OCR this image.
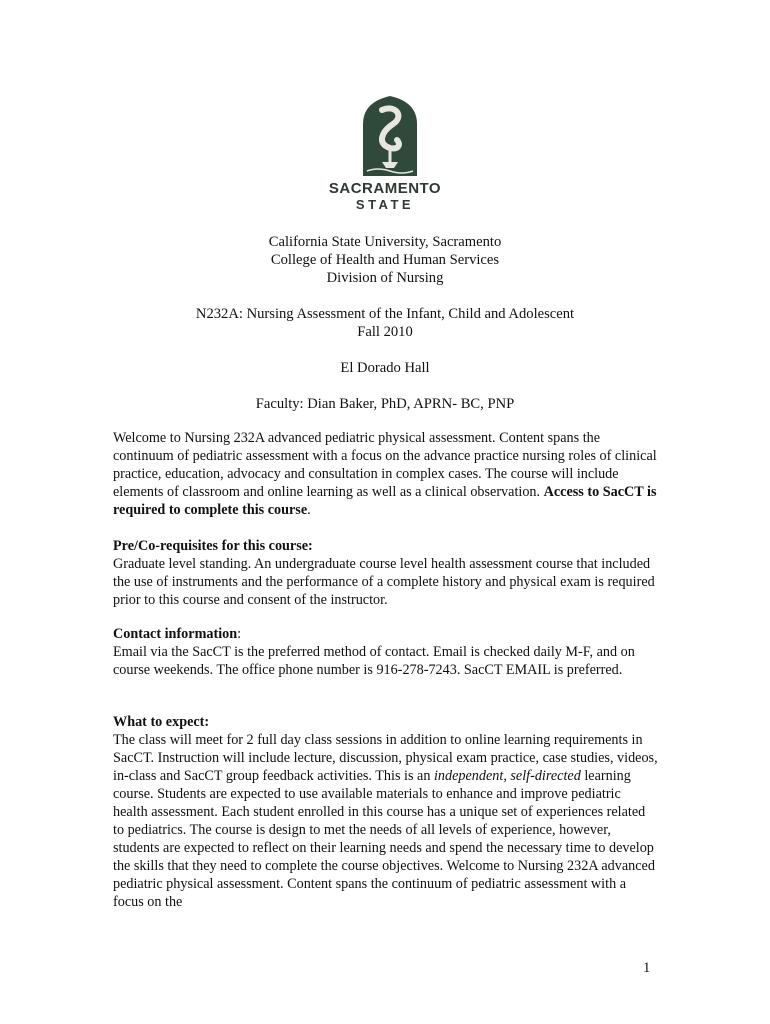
SACRAMENTO
STATE
California State University, Sacramento
College of Health and Human Services
Division of Nursing
N232A: Nursing Assessment of the Infant, Child and Adolescent
Fall 2010
El Dorado Hall
Faculty: Dian Baker, PhD, APRN- BC, PNP

Welcome to Nursing 232A advanced pediatric physical assessment. Content spans the continuum of pediatric assessment with a focus on the advance practice nursing roles of clinical practice, education, advocacy and consultation in complex cases. The course will include elements of classroom and online learning as well as a clinical observation. Access to SacCT is required to complete this course.

Pre/Co-requisites for this course:

Graduate level standing. An undergraduate course level health assessment course that included the use of instruments and the performance of a complete history and physical exam is required prior to this course and consent of the instructor.

Contact information:

Email via the SacCT is the preferred method of contact. Email is checked daily M-F, and on course weekends. The office phone number is 916-278-7243. SacCT EMAIL is preferred.

What to expect:

The class will meet for 2 full day class sessions in addition to online learning requirements in SacCT. Instruction will include lecture, discussion, physical exam practice, case studies, videos, in-class and SacCT group feedback activities. This is an independent, self-directed learning course. Students are expected to use available materials to enhance and improve pediatric health assessment. Each student enrolled in this course has a unique set of experiences related to pediatrics. The course is design to met the needs of all levels of experience, however, students are expected to reflect on their learning needs and spend the necessary time to develop the skills that they need to complete the course objectives. Welcome to Nursing 232A advanced pediatric physical assessment. Content spans the continuum of pediatric assessment with a focus on the

1
